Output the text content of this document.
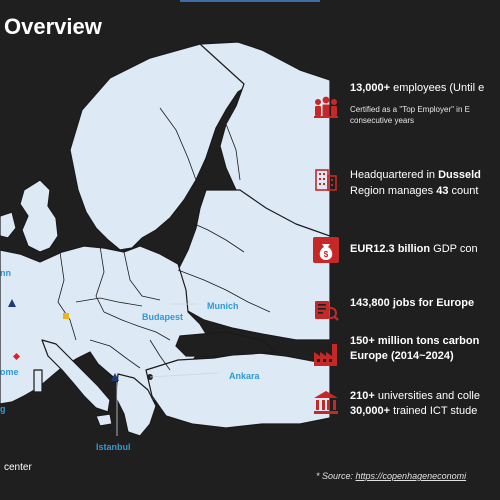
Overview
nn
Munich
Budapest
ome	Ankara
g
Istanbul
center
13,000+ employees (Until e
Certified as a "Top Employer" in E
consecutive years
Headquartered in Dusseld
Region manages 43 count
$ EUR12.3 billion GDP con
143,800 jobs for Europe
150+ million tons carbon
Europe (2014~2024)
210+ universities and colle
30,000+ trained ICT stude
* Source: https://copenhageneconomi
